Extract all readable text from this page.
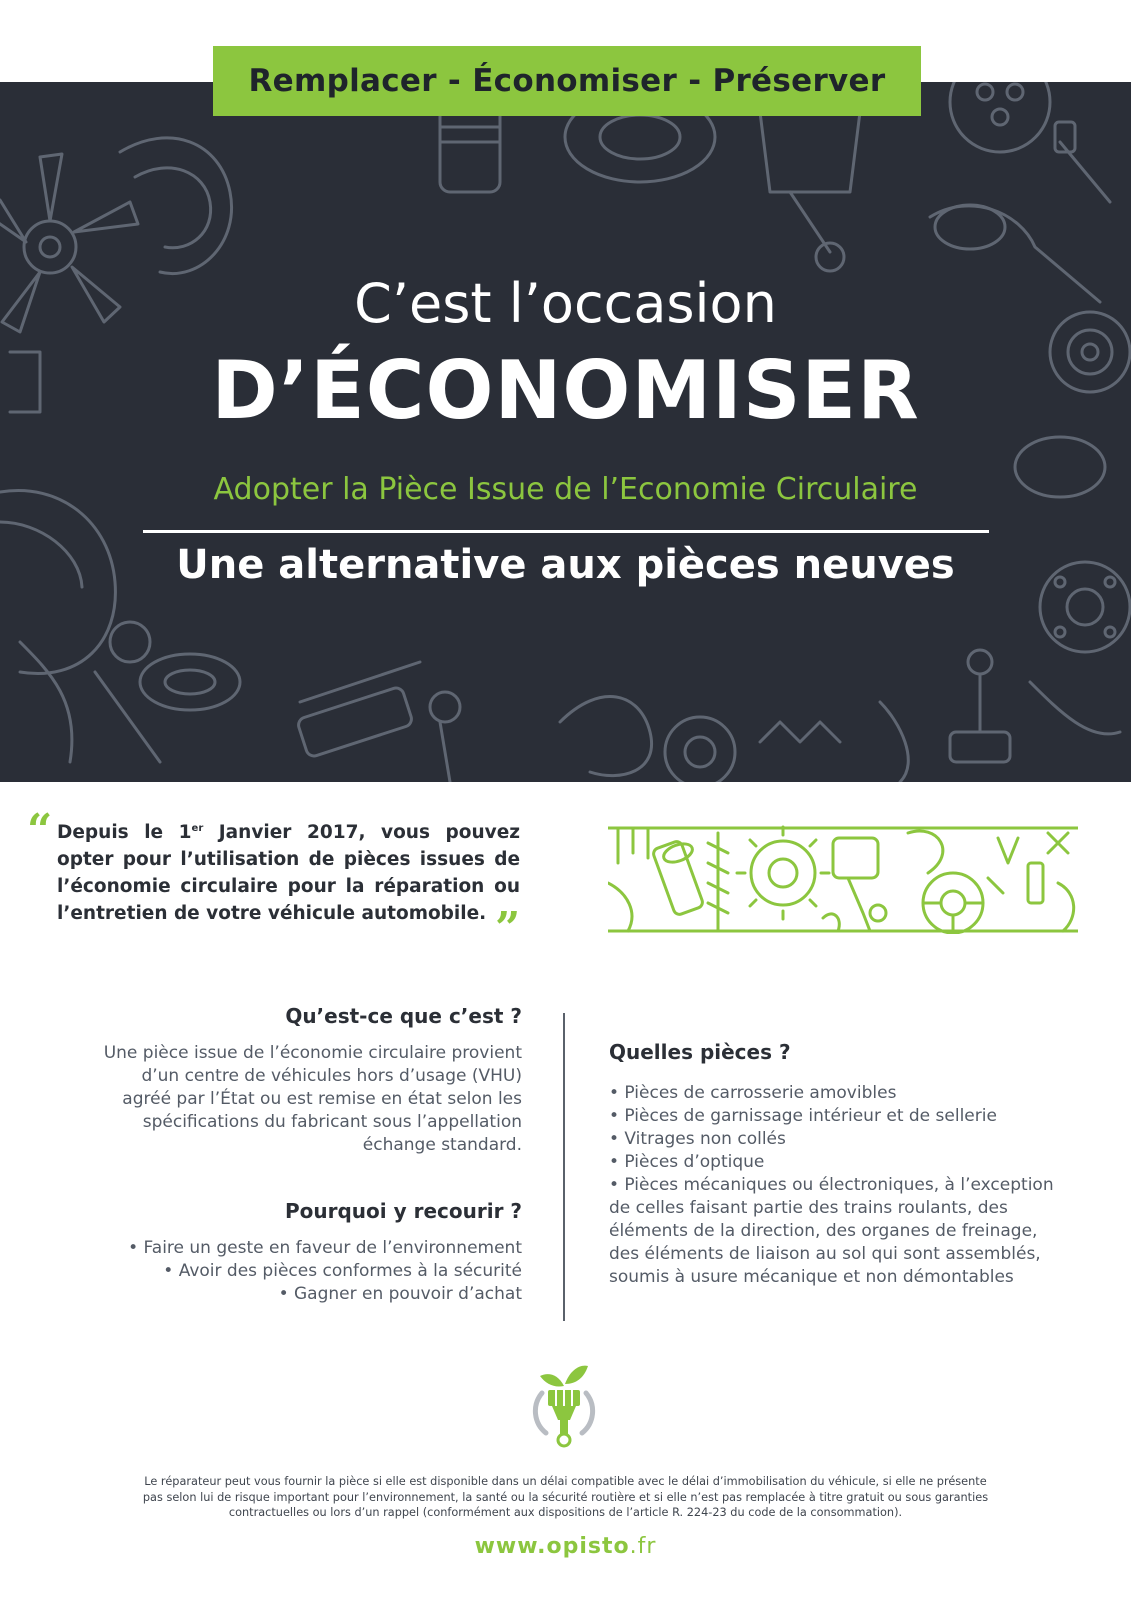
C’est l’occasion
D’ÉCONOMISER
Adopter la Pièce Issue de l’Economie Circulaire
Une alternative aux pièces neuves
Remplacer - Économiser - Préserver
“ Depuis le 1er Janvier 2017, vous pouvez opter pour l’utilisation de pièces issues de l’économie circulaire pour la réparation ou l’entretien de votre véhicule automobile. ”
Qu’est-ce que c’est ?
Une pièce issue de l’économie circulaire provient
d’un centre de véhicules hors d’usage (VHU)
agréé par l’État ou est remise en état selon les
spécifications du fabricant sous l’appellation
échange standard.
Pourquoi y recourir ?
• Faire un geste en faveur de l’environnement
• Avoir des pièces conformes à la sécurité
• Gagner en pouvoir d’achat
Quelles pièces ?
• Pièces de carrosserie amovibles
• Pièces de garnissage intérieur et de sellerie
• Vitrages non collés
• Pièces d’optique
• Pièces mécaniques ou électroniques, à l’exception
de celles faisant partie des trains roulants, des
éléments de la direction, des organes de freinage,
des éléments de liaison au sol qui sont assemblés,
soumis à usure mécanique et non démontables
Le réparateur peut vous fournir la pièce si elle est disponible dans un délai compatible avec le délai d’immobilisation du véhicule, si elle ne présente
pas selon lui de risque important pour l’environnement, la santé ou la sécurité routière et si elle n’est pas remplacée à titre gratuit ou sous garanties
contractuelles ou lors d’un rappel (conformément aux dispositions de l’article R. 224-23 du code de la consommation).
www.opisto.fr
